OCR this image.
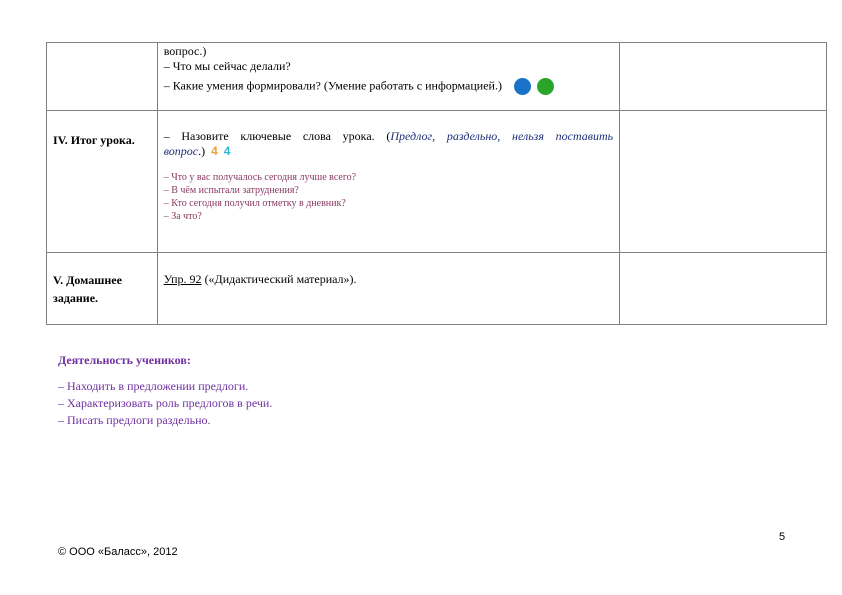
	вопрос.)
– Что мы сейчас делали?
– Какие умения формировали? (Умение работать с информацией.)	

IV. Итог урока.	– Назовите ключевые слова урока. (Предлог, раздельно, нельзя поставить вопрос.) 4 4
– Что у вас получалось сегодня лучше всего?
– В чём испытали затруднения?
– Кто сегодня получил отметку в дневник?
– За что?	

V. Домашнее
задание.	Упр. 92 («Дидактический материал»).	
Деятельность учеников:
– Находить в предложении предлоги.
– Характеризовать роль предлогов в речи.
– Писать предлоги раздельно.
5
© ООО «Баласс», 2012
